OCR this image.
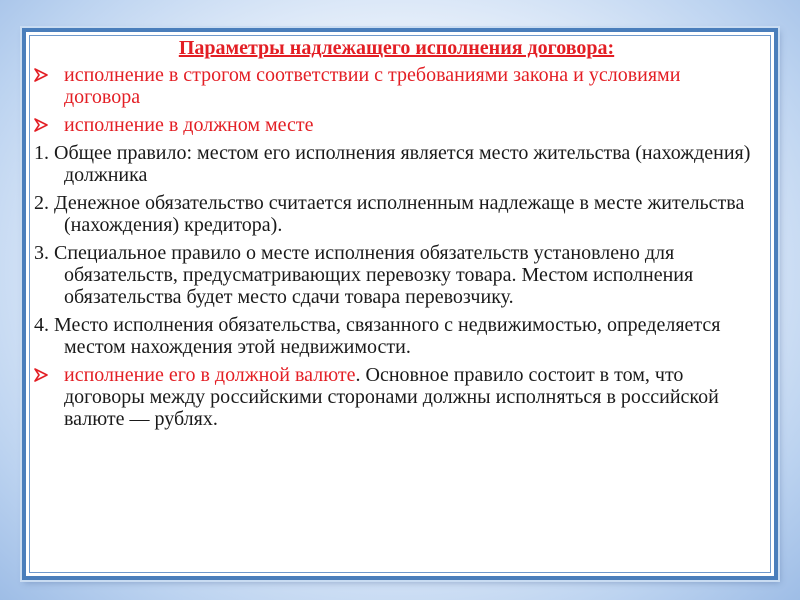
Параметры надлежащего исполнения договора:
исполнение в строгом соответствии с требованиями закона и условиями договора
исполнение в должном месте
1. Общее правило: местом его исполнения является место жительства (нахождения) должника
2. Денежное обязательство считается исполненным надлежаще в месте жительства (нахождения) кредитора).
3. Специальное правило о месте исполнения обязательств установлено для обязательств, предусматривающих перевозку товара. Местом исполнения обязательства будет место сдачи товара перевозчику.
4. Место исполнения обязательства, связанного с недвижимостью, определяется местом нахождения этой недвижимости.
исполнение его в должной валюте. Основное правило состоит в том, что договоры между российскими сторонами должны исполняться в российской валюте — рублях.
